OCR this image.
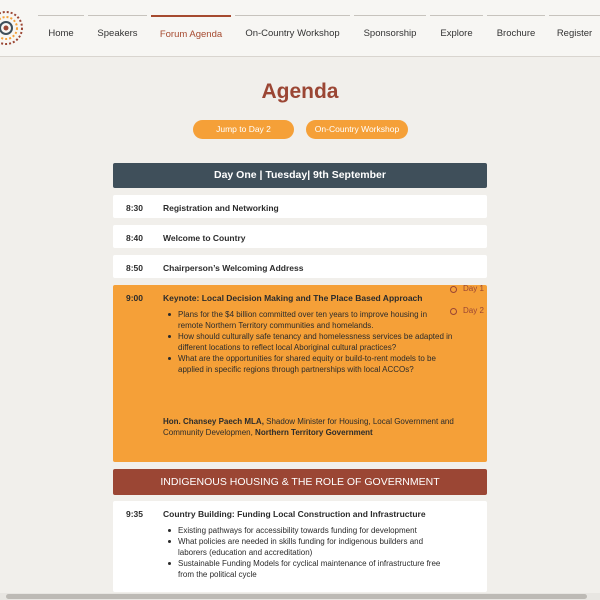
Home	Speakers	Forum Agenda	On-Country Workshop	Sponsorship	Explore	Brochure	Register
Agenda
Jump to Day 2	On-Country Workshop
Day One | Tuesday| 9th September
8:30 Registration and Networking
8:40 Welcome to Country
8:50 Chairperson’s Welcoming Address
9:00 Keynote: Local Decision Making and The Place Based Approach
Plans for the $4 billion committed over ten years to improve housing in remote Northern Territory communities and homelands.
How should culturally safe tenancy and homelessness services be adapted in different locations to reflect local Aboriginal cultural practices?
What are the opportunities for shared equity or build-to-rent models to be applied in specific regions through partnerships with local ACCOs?
Hon. Chansey Paech MLA, Shadow Minister for Housing, Local Government and Community Developmen, Northern Territory Government
Day 1
Day 2
INDIGENOUS HOUSING & THE ROLE OF GOVERNMENT
9:35 Country Building: Funding Local Construction and Infrastructure
Existing pathways for accessibility towards funding for development
What policies are needed in skills funding for indigenous builders and laborers (education and accreditation)
Sustainable Funding Models for cyclical maintenance of infrastructure free from the political cycle
